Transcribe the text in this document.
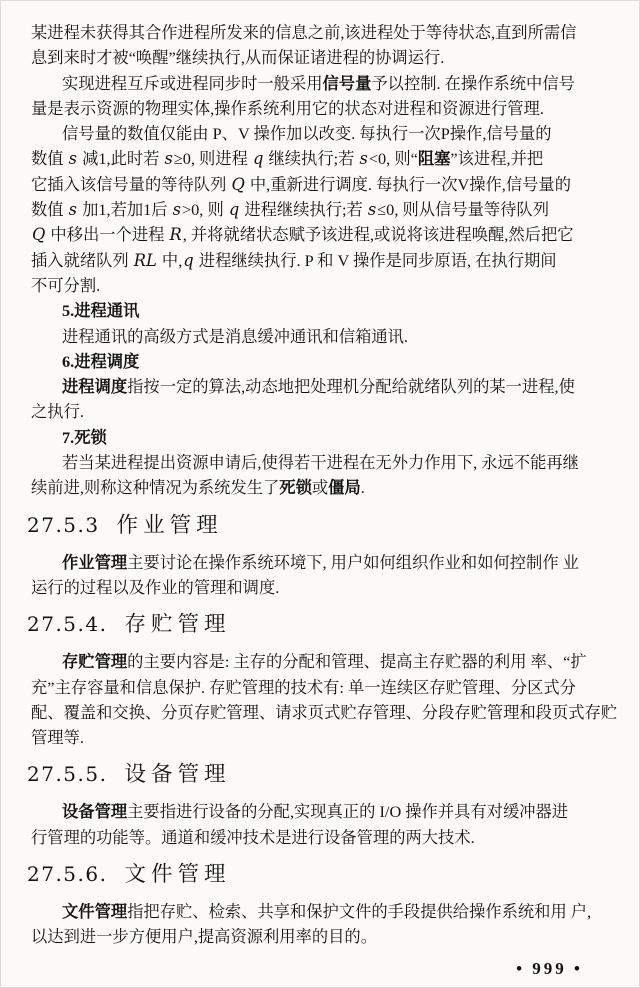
某进程未获得其合作进程所发来的信息之前,该进程处于等待状态,直到所需信
息到来时才被“唤醒”继续执行,从而保证诸进程的协调运行.
实现进程互斥或进程同步时一般采用信号量予以控制. 在操作系统中信号
量是表示资源的物理实体,操作系统利用它的状态对进程和资源进行管理.
信号量的数值仅能由 P、V 操作加以改变. 每执行一次P操作,信号量的
数值 s 减1,此时若 s≥0, 则进程 q 继续执行;若 s<0, 则“阻塞”该进程,并把
它插入该信号量的等待队列 Q 中,重新进行调度. 每执行一次V操作,信号量的
数值 s 加1,若加1后 s>0, 则 q 进程继续执行;若 s≤0, 则从信号量等待队列
Q 中移出一个进程 R, 并将就绪状态赋予该进程,或说将该进程唤醒,然后把它
插入就绪队列 RL 中,q 进程继续执行. P 和 V 操作是同步原语, 在执行期间
不可分割.
5.进程通讯
进程通讯的高级方式是消息缓冲通讯和信箱通讯.
6.进程调度
进程调度指按一定的算法,动态地把处理机分配给就绪队列的某一进程,使
之执行.
7.死锁
若当某进程提出资源申请后,使得若干进程在无外力作用下, 永远不能再继
续前进,则称这种情况为系统发生了死锁或僵局.
27.5.3 作业管理
作业管理主要讨论在操作系统环境下, 用户如何组织作业和如何控制作 业
运行的过程以及作业的管理和调度.
27.5.4. 存贮管理
存贮管理的主要内容是: 主存的分配和管理、提高主存贮器的利用 率、“扩
充”主存容量和信息保护. 存贮管理的技术有: 单一连续区存贮管理、分区式分
配、覆盖和交换、分页存贮管理、请求页式贮存管理、分段存贮管理和段页式存贮
管理等.
27.5.5. 设备管理
设备管理主要指进行设备的分配,实现真正的 I/O 操作并具有对缓冲器进
行管理的功能等。通道和缓冲技术是进行设备管理的两大技术.
27.5.6. 文件管理
文件管理指把存贮、检索、共享和保护文件的手段提供给操作系统和用 户,
以达到进一步方便用户,提高资源利用率的目的。
• 999 •
